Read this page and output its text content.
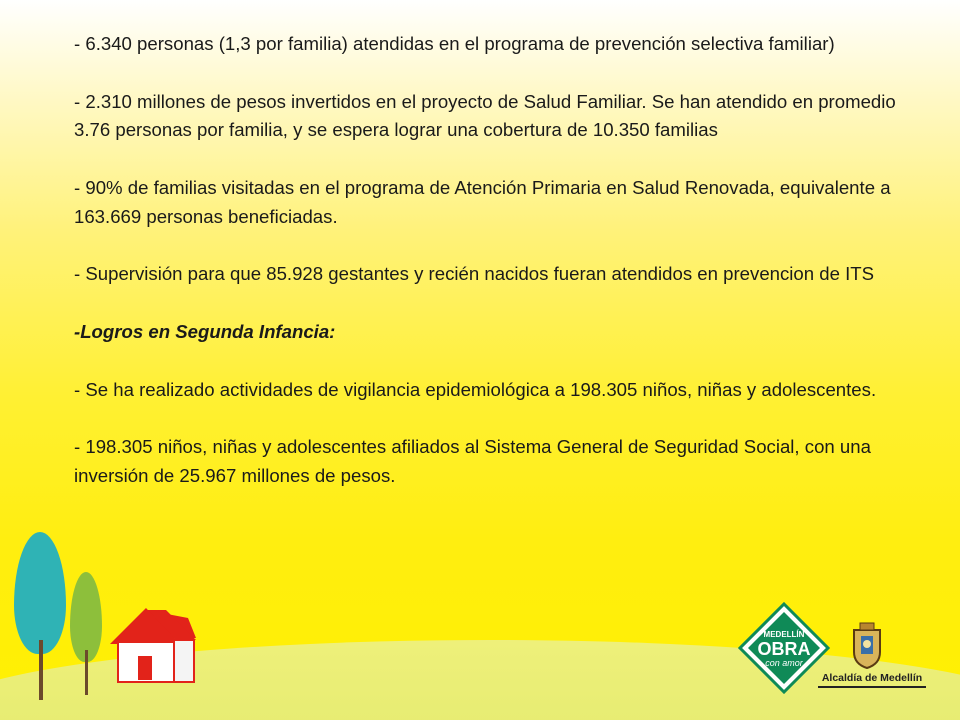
- 6.340 personas (1,3 por familia) atendidas en el programa de prevención selectiva familiar)

- 2.310 millones de pesos invertidos en el proyecto de Salud Familiar. Se han atendido en promedio 3.76 personas por familia, y se espera lograr una cobertura de 10.350 familias

- 90% de familias visitadas en el programa de Atención Primaria en Salud Renovada, equivalente a 163.669 personas beneficiadas.

- Supervisión para que 85.928 gestantes y recién nacidos fueran atendidos en prevencion de ITS

-Logros en Segunda Infancia:

- Se ha realizado actividades de vigilancia epidemiológica a 198.305 niños, niñas y adolescentes.

- 198.305 niños, niñas y adolescentes afiliados al Sistema General de Seguridad Social, con una inversión de 25.967 millones de pesos.

MEDELLÍN
OBRA
con amor
Alcaldía de Medellín
